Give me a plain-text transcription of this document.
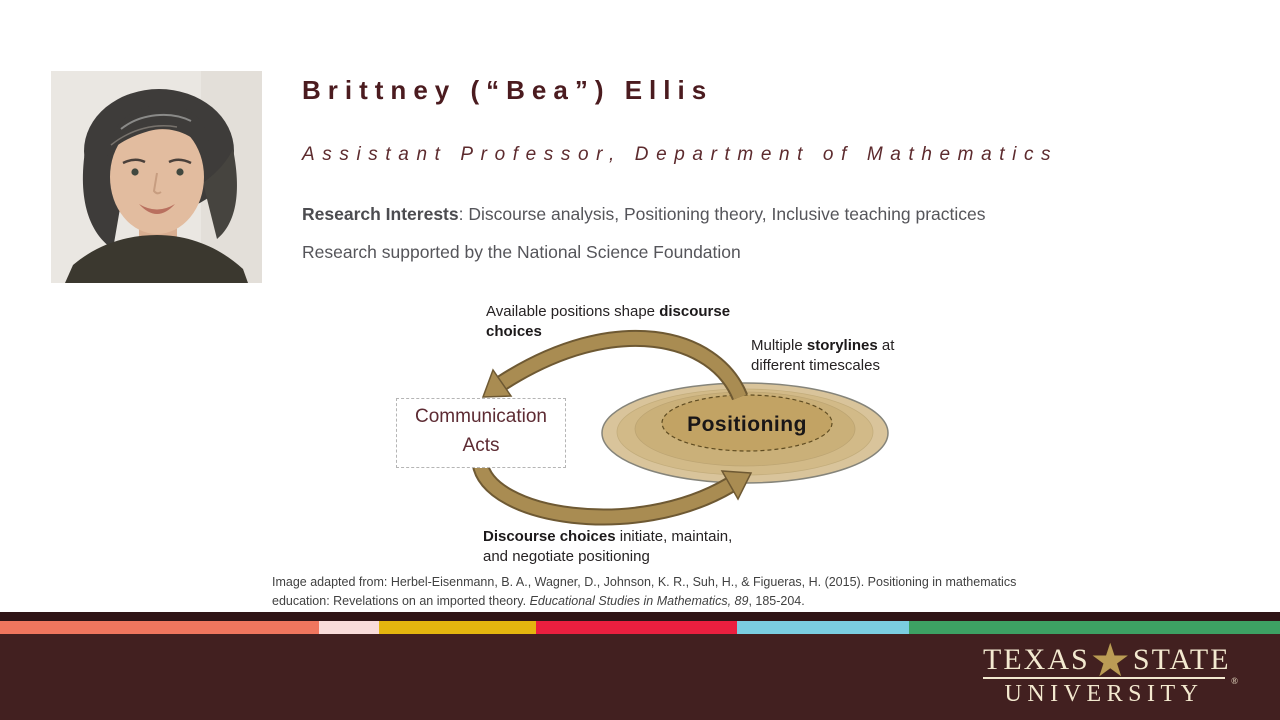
Brittney (“Bea”) Ellis
Assistant Professor, Department of Mathematics
Research Interests: Discourse analysis, Positioning theory, Inclusive teaching practices
Research supported by the National Science Foundation
Positioning
Available positions shape discourse choices
Multiple storylines at different timescales
Discourse choices initiate, maintain, and negotiate positioning
Communication
Acts
Image adapted from: Herbel-Eisenmann, B. A., Wagner, D., Johnson, K. R., Suh, H., & Figueras, H. (2015). Positioning in mathematics education: Revelations on an imported theory. Educational Studies in Mathematics, 89, 185-204.
TEXAS ★ STATE
UNIVERSITY	®
